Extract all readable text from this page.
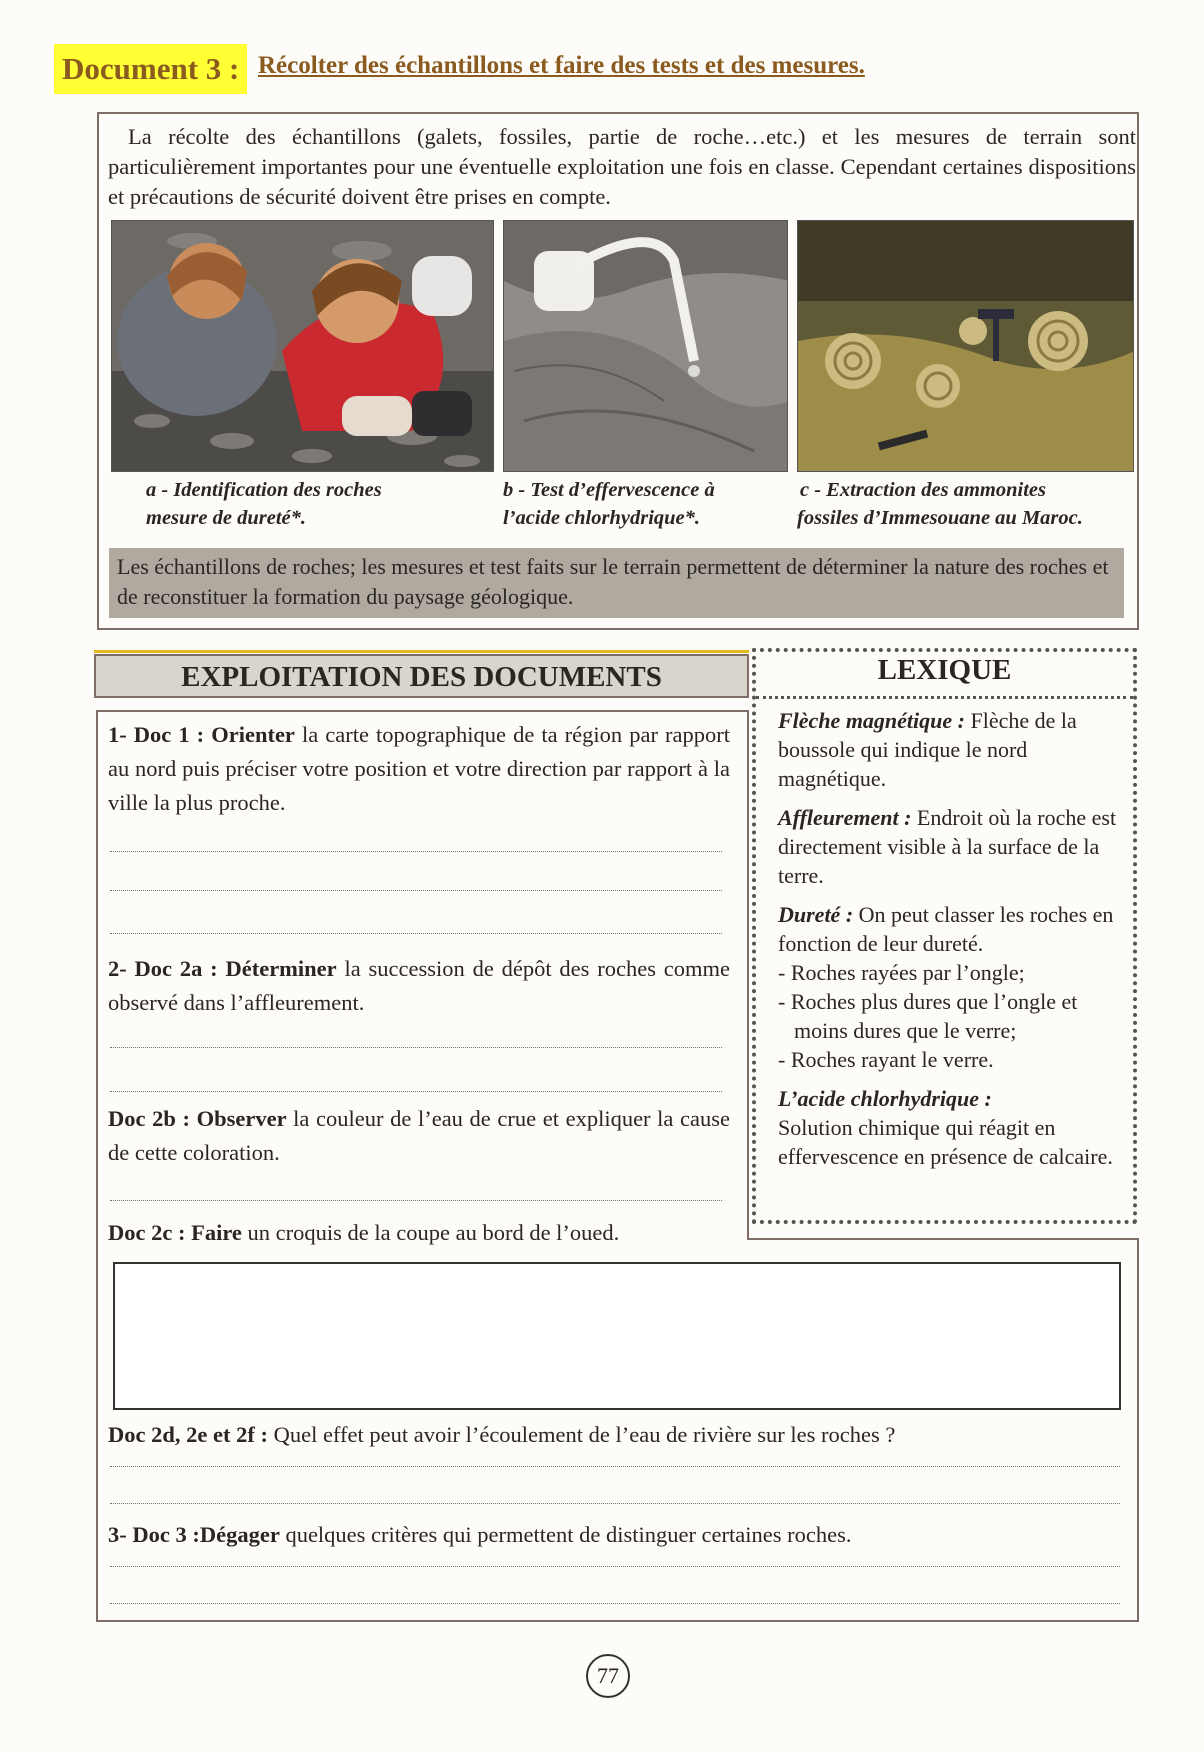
Document 3 : Récolter des échantillons et faire des tests et des mesures.
La récolte des échantillons (galets, fossiles, partie de roche…etc.) et les mesures de terrain sont particulièrement importantes pour une éventuelle exploitation une fois en classe. Cependant certaines dispositions et précautions de sécurité doivent être prises en compte.
a - Identification des roches
mesure de dureté*.
b - Test d’effervescence à
l’acide chlorhydrique*.
c - Extraction des ammonites
fossiles d’Immesouane au Maroc.
Les échantillons de roches; les mesures et test faits sur le terrain permettent de déterminer la nature des roches et de reconstituer la formation du paysage géologique.
EXPLOITATION DES DOCUMENTS
1- Doc 1 : Orienter la carte topographique de ta région par rapport au nord puis préciser votre position et votre direction par rapport à la ville la plus proche.
2- Doc 2a : Déterminer la succession de dépôt des roches comme observé dans l’affleurement.
Doc 2b : Observer la couleur de l’eau de crue et expliquer la cause de cette coloration.
Doc 2c : Faire un croquis de la coupe au bord de l’oued.
Doc 2d, 2e et 2f : Quel effet peut avoir l’écoulement de l’eau de rivière sur les roches ?
3- Doc 3 :Dégager quelques critères qui permettent de distinguer certaines roches.
LEXIQUE

Flèche magnétique : Flèche de la boussole qui indique le nord magnétique.

Affleurement : Endroit où la roche est directement visible à la surface de la terre.

Dureté : On peut classer les roches en fonction de leur dureté.
- Roches rayées par l’ongle;
- Roches plus dures que l’ongle et moins dures que le verre;
- Roches rayant le verre.

L’acide chlorhydrique :
Solution chimique qui réagit en effervescence en présence de calcaire.

77
